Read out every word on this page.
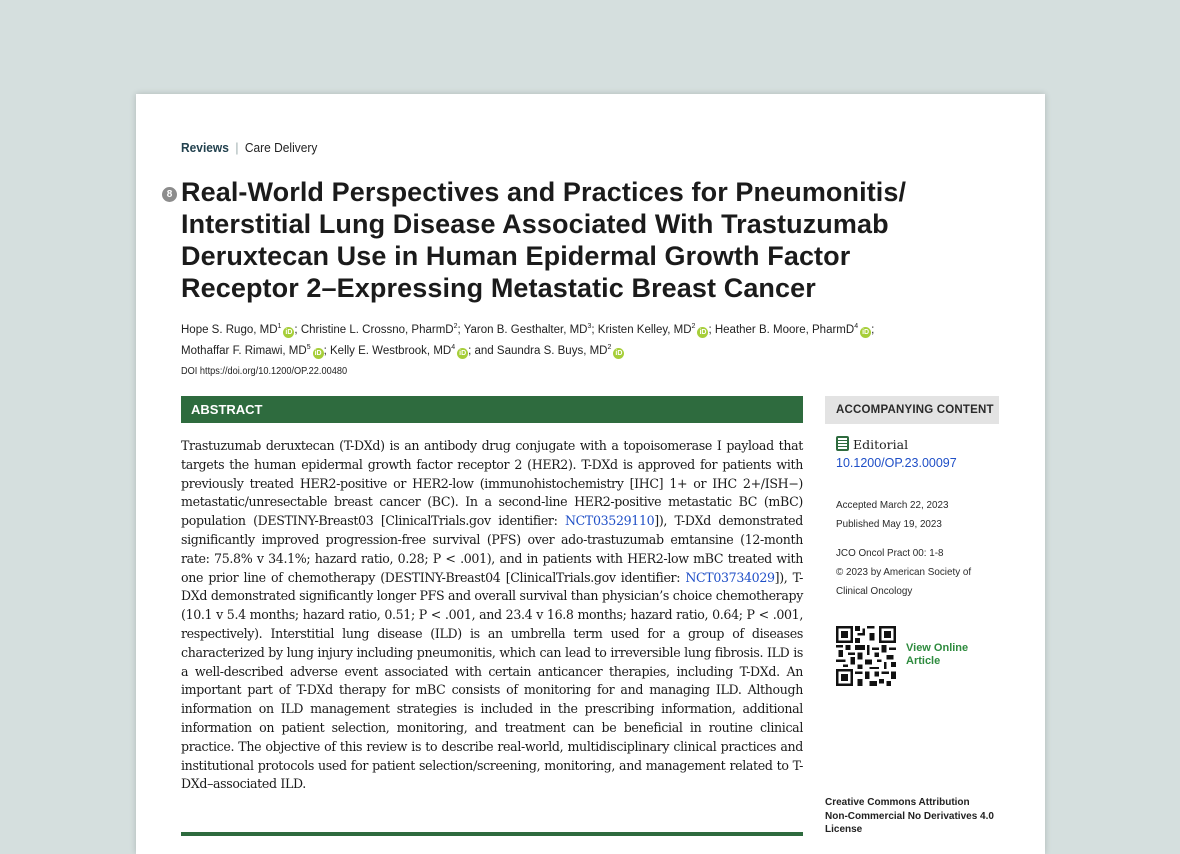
Reviews | Care Delivery
8 Real-World Perspectives and Practices for Pneumonitis/
Interstitial Lung Disease Associated With Trastuzumab
Deruxtecan Use in Human Epidermal Growth Factor
Receptor 2–Expressing Metastatic Breast Cancer
Hope S. Rugo, $MD^1iD$ ; Christine L. Crossno, PharmD$^2$; Yaron B. Gesthalter, $MD^3$; Kristen Kelley, $MD^2iD$ ; Heather B. Moore, PharmD$^4$iD ;
Mothaffar F. Rimawi, $MD^5iD$ ; Kelly E. Westbrook, $MD^4iD$ ; and Saundra S. Buys, $MD^2iD$
DOI https://doi.org/10.1200/OP.22.00480
ABSTRACT

Trastuzumab deruxtecan (T-DXd) is an antibody drug conjugate with a topoisomerase I payload that targets the human epidermal growth factor receptor 2 (HER2). T-DXd is approved for patients with previously treated HER2-positive or HER2-low (immunohistochemistry [IHC] 1+ or IHC 2+/ISH−) metastatic/unresectable breast cancer (BC). In a second-line HER2-positive metastatic BC (mBC) population (DESTINY-Breast03 [ClinicalTrials.gov identifier: NCT03529110]), T-DXd demonstrated significantly improved progression-free survival (PFS) over ado-trastuzumab emtansine (12-month rate: 75.8% v 34.1%; hazard ratio, 0.28; P < .001), and in patients with HER2-low mBC treated with one prior line of chemotherapy (DESTINY-Breast04 [ClinicalTrials.gov identifier: NCT03734029]), T-DXd demonstrated significantly longer PFS and overall survival than physician’s choice chemotherapy (10.1 v 5.4 months; hazard ratio, 0.51; P < .001, and 23.4 v 16.8 months; hazard ratio, 0.64; P < .001, respectively). Interstitial lung disease (ILD) is an umbrella term used for a group of diseases characterized by lung injury including pneumonitis, which can lead to irreversible lung fibrosis. ILD is a well-described adverse event associated with certain anticancer therapies, including T-DXd. An important part of T-DXd therapy for mBC consists of monitoring for and managing ILD. Although information on ILD management strategies is included in the prescribing information, additional information on patient selection, monitoring, and treatment can be beneficial in routine clinical practice. The objective of this review is to describe real-world, multidisciplinary clinical practices and institutional protocols used for patient selection/screening, monitoring, and management related to T-DXd–associated ILD.

ACCOMPANYING CONTENT
Editorial 10.1200/OP.23.00097
Accepted March 22, 2023
Published May 19, 2023
JCO Oncol Pract 00: 1-8
© 2023 by American Society of
Clinical Oncology
View Online Article
Creative Commons Attribution Non-Commercial No Derivatives 4.0 License
